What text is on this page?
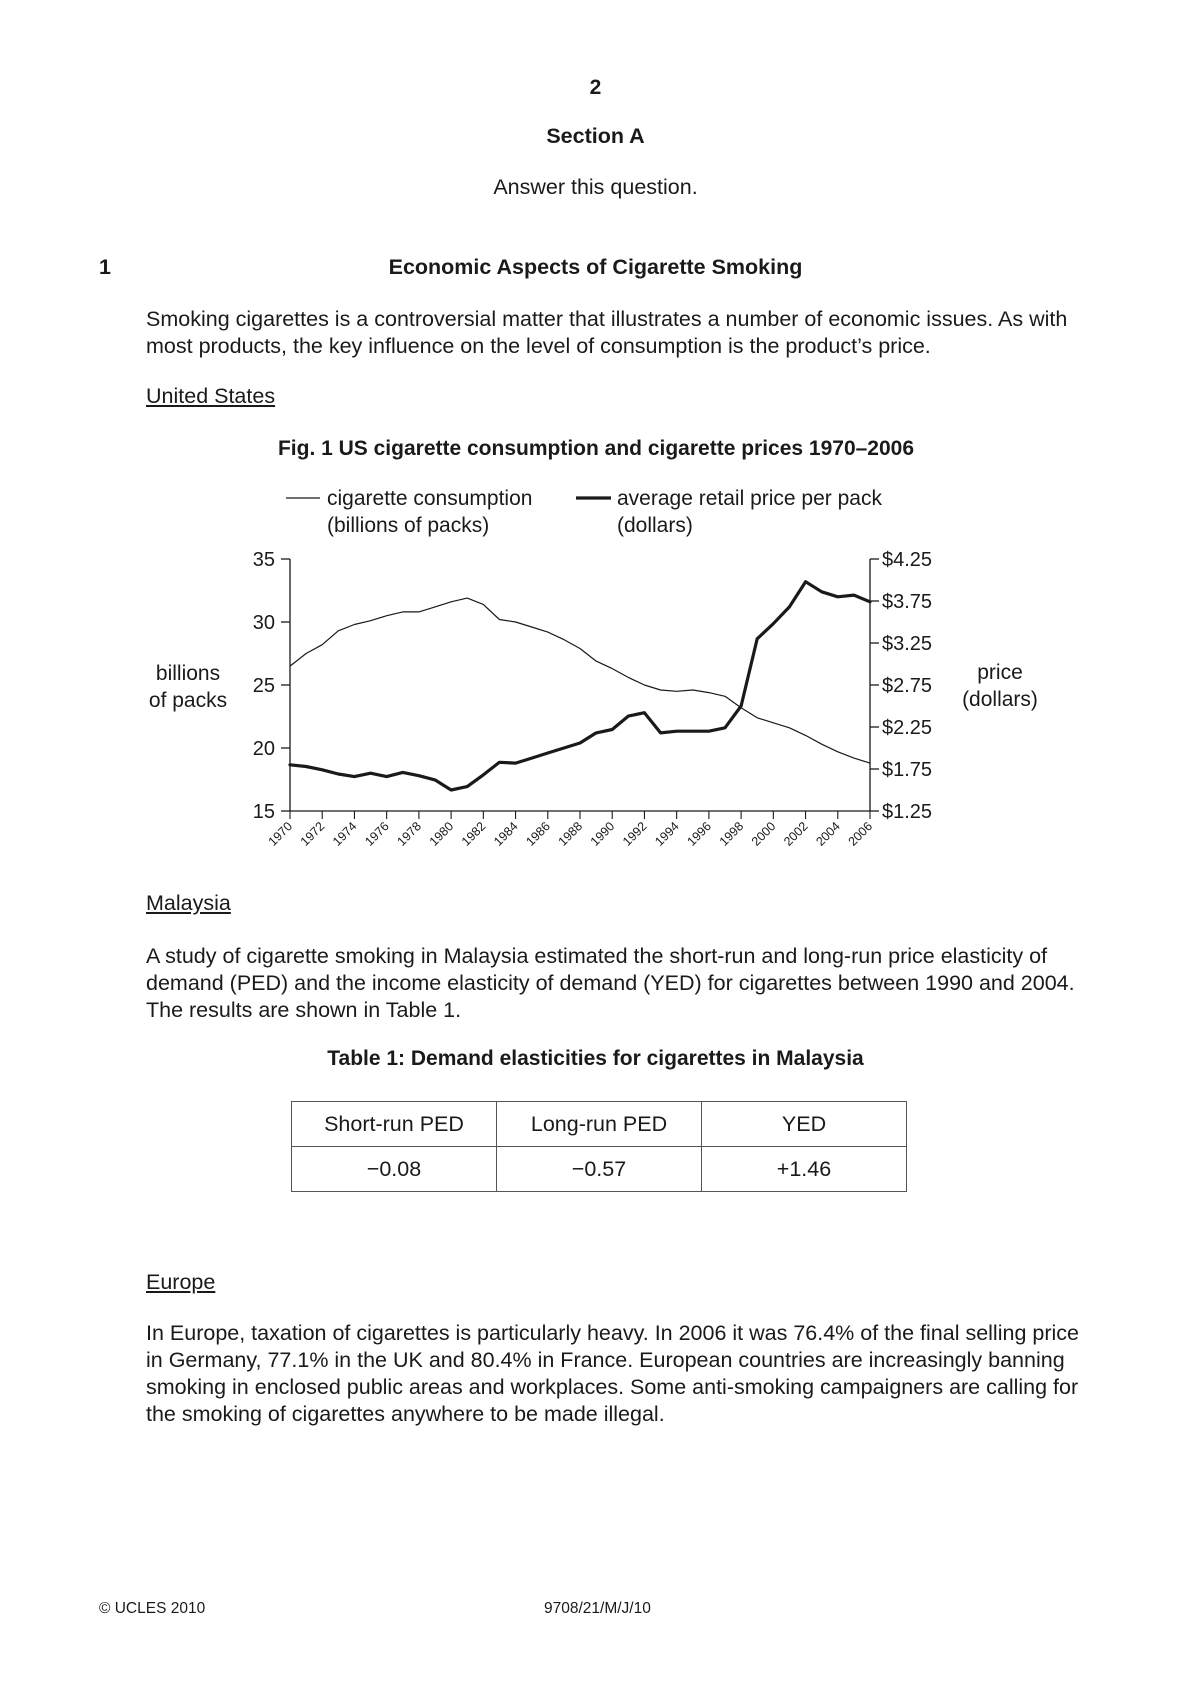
2
Section A
Answer this question.
1	Economic Aspects of Cigarette Smoking
Smoking cigarettes is a controversial matter that illustrates a number of economic issues. As with
most products, the key influence on the level of consumption is the product’s price.
United States
Fig. 1 US cigarette consumption and cigarette prices 1970–2006
cigarette consumption
(billions of packs)
average retail price per pack
(dollars)
billions
of packs
price
(dollars)
15
20
25
30
35
$1.25
$1.75
$2.25
$2.75
$3.25
$3.75
$4.25
1970 1972 1974 1976 1978 1980 1982 1984 1986 1988 1990 1992 1994 1996 1998 2000 2002 2004 2006
Malaysia
A study of cigarette smoking in Malaysia estimated the short-run and long-run price elasticity of
demand (PED) and the income elasticity of demand (YED) for cigarettes between 1990 and 2004.
The results are shown in Table 1.
Table 1: Demand elasticities for cigarettes in Malaysia
Short-run PED	Long-run PED	YED
−0.08	−0.57	+1.46
Europe
In Europe, taxation of cigarettes is particularly heavy. In 2006 it was 76.4% of the final selling price
in Germany, 77.1% in the UK and 80.4% in France. European countries are increasingly banning
smoking in enclosed public areas and workplaces. Some anti-smoking campaigners are calling for
the smoking of cigarettes anywhere to be made illegal.
© UCLES 2010	9708/21/M/J/10
